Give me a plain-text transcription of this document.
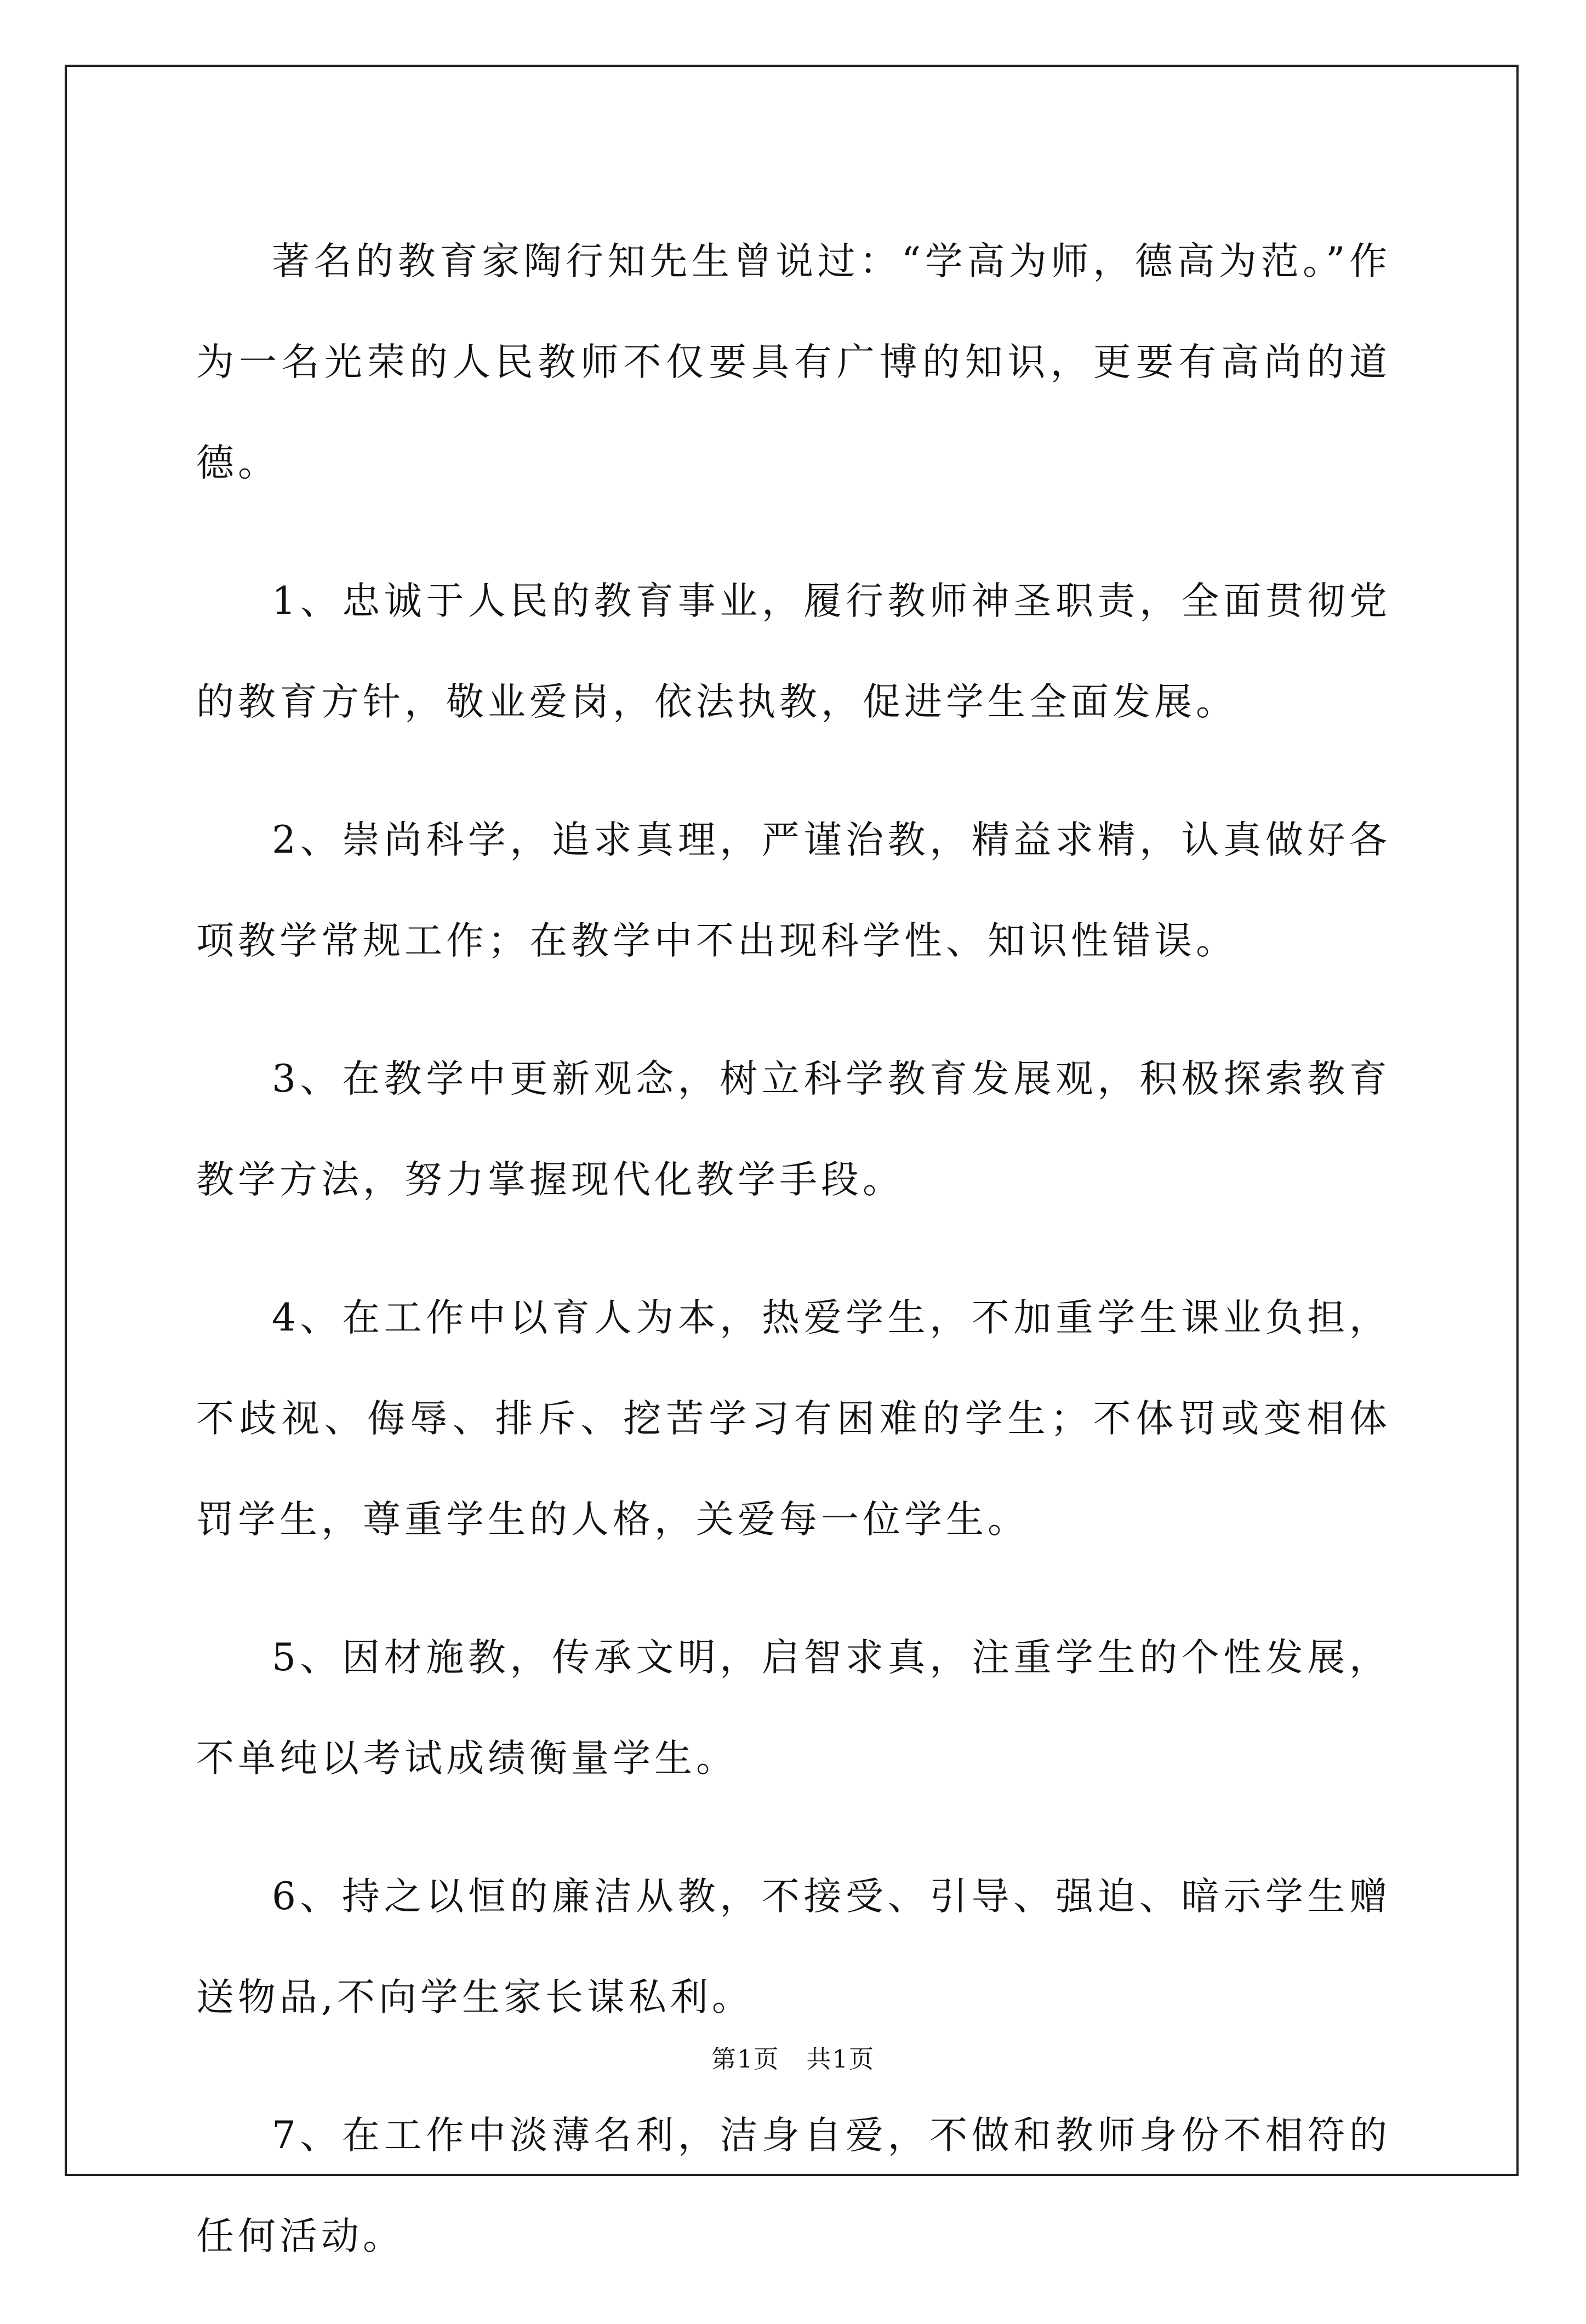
著名的教育家陶行知先生曾说过：“学高为师，德高为范。”作为一名光荣的人民教师不仅要具有广博的知识，更要有高尚的道德。

1、忠诚于人民的教育事业，履行教师神圣职责，全面贯彻党的教育方针，敬业爱岗，依法执教，促进学生全面发展。

2、崇尚科学，追求真理，严谨治教，精益求精，认真做好各项教学常规工作；在教学中不出现科学性、知识性错误。

3、在教学中更新观念，树立科学教育发展观，积极探索教育教学方法，努力掌握现代化教学手段。

4、在工作中以育人为本，热爱学生，不加重学生课业负担，不歧视、侮辱、排斥、挖苦学习有困难的学生；不体罚或变相体罚学生，尊重学生的人格，关爱每一位学生。

5、因材施教，传承文明，启智求真，注重学生的个性发展，不单纯以考试成绩衡量学生。

6、持之以恒的廉洁从教，不接受、引导、强迫、暗示学生赠送物品,不向学生家长谋私利。

7、在工作中淡薄名利，洁身自爱，不做和教师身份不相符的任何活动。

第1页   共1页
